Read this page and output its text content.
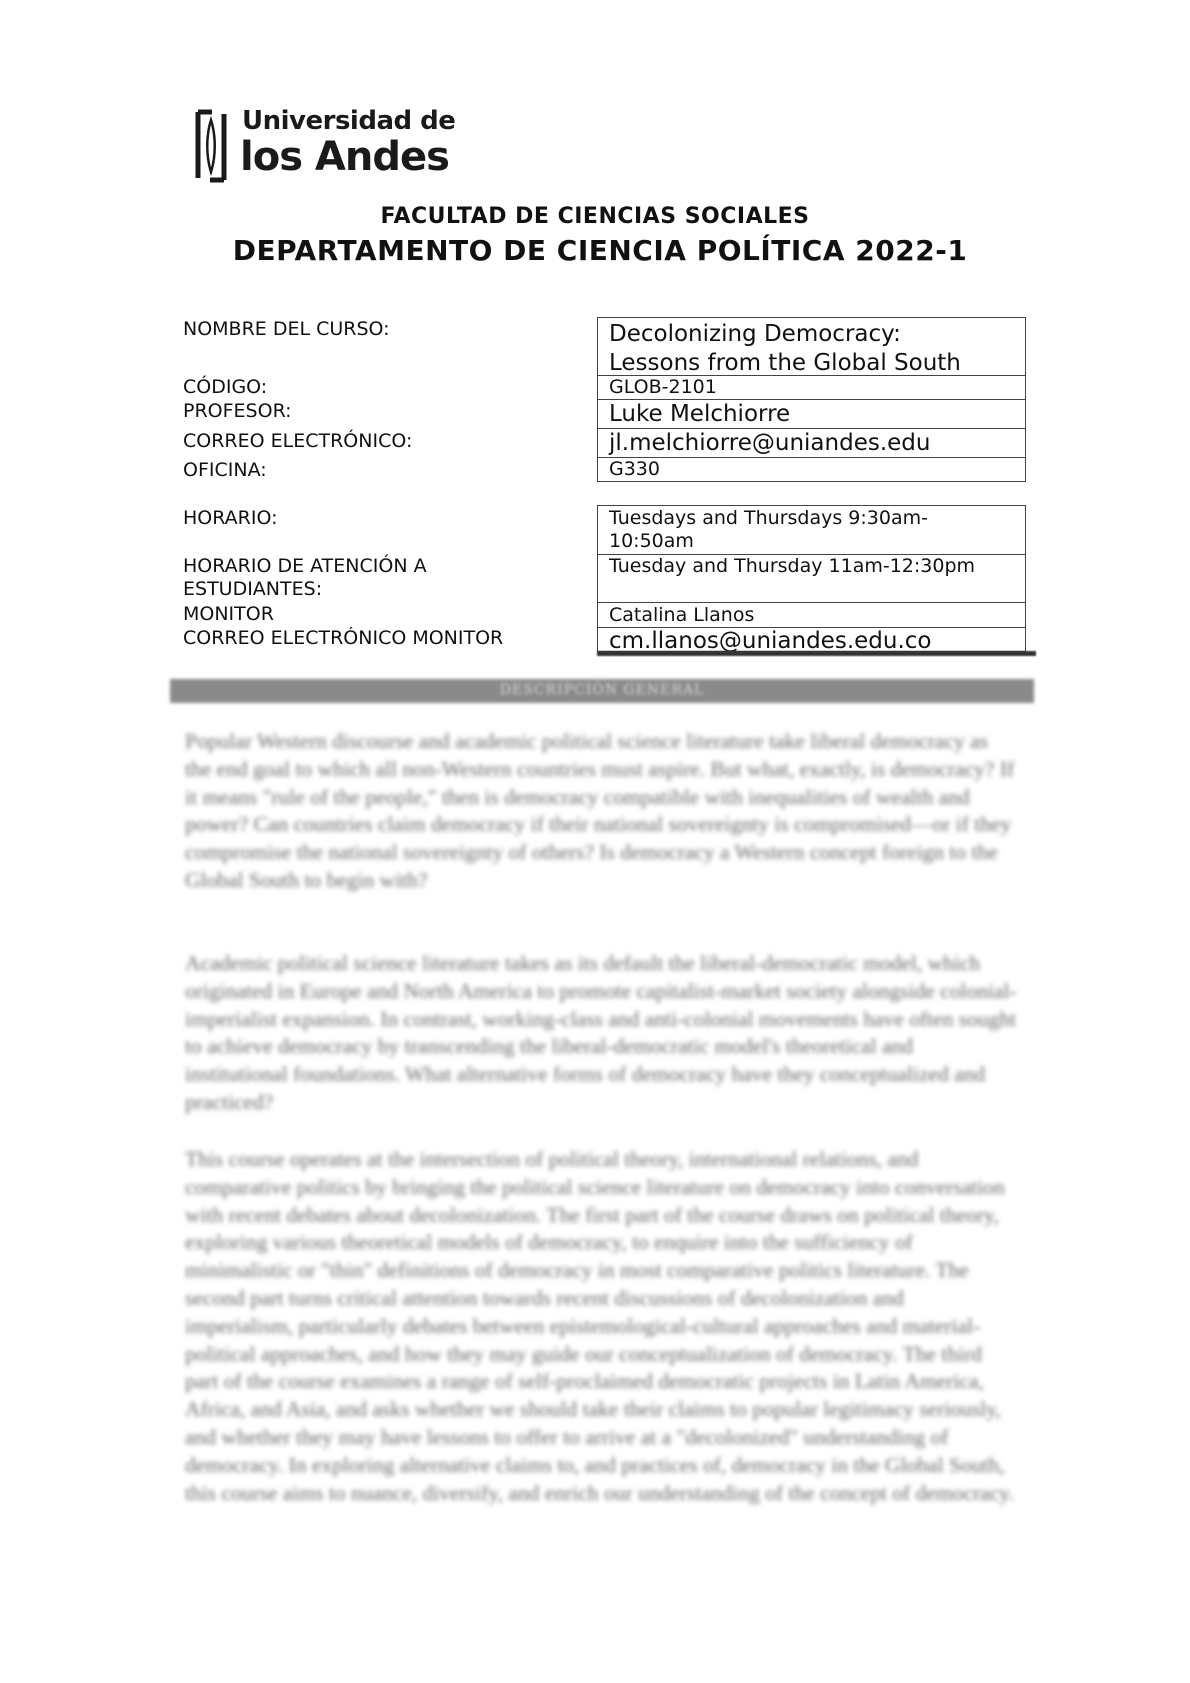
Universidad de
los Andes
FACULTAD DE CIENCIAS SOCIALES
DEPARTAMENTO DE CIENCIA POLÍTICA 2022-1
NOMBRE DEL CURSO:
CÓDIGO:
PROFESOR:
CORREO ELECTRÓNICO:
OFICINA:
HORARIO:
HORARIO DE ATENCIÓN A
ESTUDIANTES:
MONITOR
CORREO ELECTRÓNICO MONITOR
Decolonizing Democracy:
Lessons from the Global South
GLOB-2101
Luke Melchiorre
jl.melchiorre@uniandes.edu
G330
Tuesdays and Thursdays 9:30am-
10:50am
Tuesday and Thursday 11am-12:30pm
Catalina Llanos
cm.llanos@uniandes.edu.co
DESCRIPCIÓN GENERAL
Popular Western discourse and academic political science literature take liberal democracy as the end goal to which all non-Western countries must aspire. But what, exactly, is democracy? If it means "rule of the people," then is democracy compatible with inequalities of wealth and power? Can countries claim democracy if their national sovereignty is compromised—or if they compromise the national sovereignty of others? Is democracy a Western concept foreign to the Global South to begin with?
Academic political science literature takes as its default the liberal-democratic model, which originated in Europe and North America to promote capitalist-market society alongside colonial-imperialist expansion. In contrast, working-class and anti-colonial movements have often sought to achieve democracy by transcending the liberal-democratic model's theoretical and institutional foundations. What alternative forms of democracy have they conceptualized and practiced?
This course operates at the intersection of political theory, international relations, and comparative politics by bringing the political science literature on democracy into conversation with recent debates about decolonization. The first part of the course draws on political theory, exploring various theoretical models of democracy, to enquire into the sufficiency of minimalistic or "thin" definitions of democracy in most comparative politics literature. The second part turns critical attention towards recent discussions of decolonization and imperialism, particularly debates between epistemological-cultural approaches and material-political approaches, and how they may guide our conceptualization of democracy. The third part of the course examines a range of self-proclaimed democratic projects in Latin America, Africa, and Asia, and asks whether we should take their claims to popular legitimacy seriously, and whether they may have lessons to offer to arrive at a "decolonized" understanding of democracy. In exploring alternative claims to, and practices of, democracy in the Global South, this course aims to nuance, diversify, and enrich our understanding of the concept of democracy.
